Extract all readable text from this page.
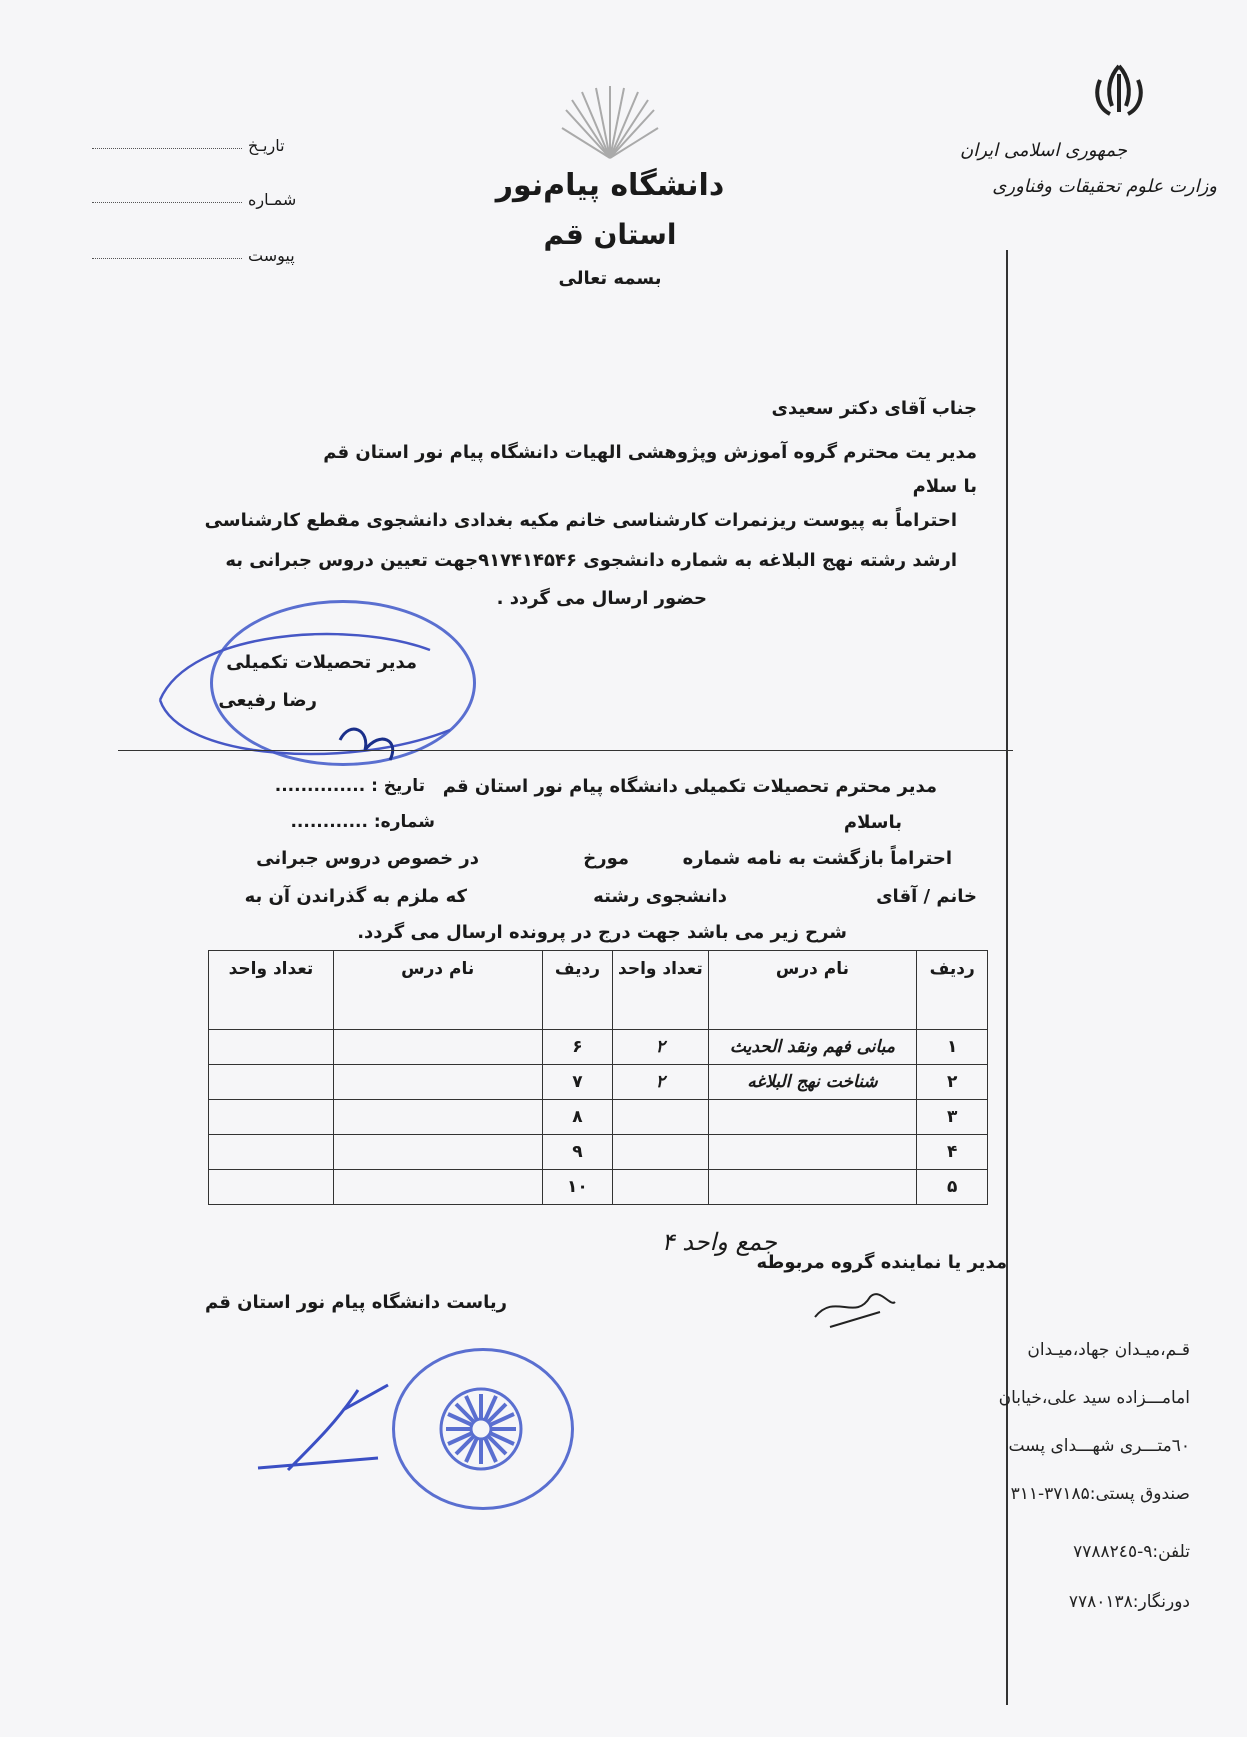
جمهوری اسلامی ایران
وزارت علوم تحقیقات وفناوری
دانشگاه پیام‌نور
استان قم
بسمه تعالی
تاریـخ
شمـاره
پیوست
جناب آقای دکتر سعیدی
مدیر یت محترم گروه آموزش وپژوهشی الهیات دانشگاه پیام نور استان قم
با سلام
احتراماً به پیوست ریزنمرات کارشناسی خانم مکیه بغدادی دانشجوی مقطع کارشناسی
ارشد رشته نهج البلاغه به شماره دانشجوی ۹۱۷۴۱۴۵۴۶جهت تعیین دروس جبرانی به
حضور ارسال می گردد .
مدیر تحصیلات تکمیلی
رضا رفیعی
مدیر محترم تحصیلات تکمیلی دانشگاه پیام نور استان قم
تاریخ : ..............
شماره: ............	باسلام
احتراماً بازگشت به نامه شماره
مورخ
در خصوص دروس جبرانی
خانم / آقای
دانشجوی رشته
که ملزم به گذراندن آن به
شرح زیر می باشد جهت درج در پرونده ارسال می گردد.
ردیف	نام درس	تعداد واحد	ردیف	نام درس	تعداد واحد
۱	مبانی فهم ونقد الحدیث	۲	۶		
۲	شناخت نهج البلاغه	۲	۷		
۳			۸		
۴			۹		
۵			۱۰		
جمع واحد ۴
مدیر یا نماینده گروه مربوطه
ریاست دانشگاه پیام نور استان قم
قـم،میـدان جهاد،میـدان
امامـــزاده سید علی،خیابان
٦۰متـــری شهـــدای پست
صندوق پستی:۳۷۱۸۵-۳۱۱
تلفن:۹-۷۷۸۸۲٤٥
دورنگار:۷۷۸۰۱۳۸
